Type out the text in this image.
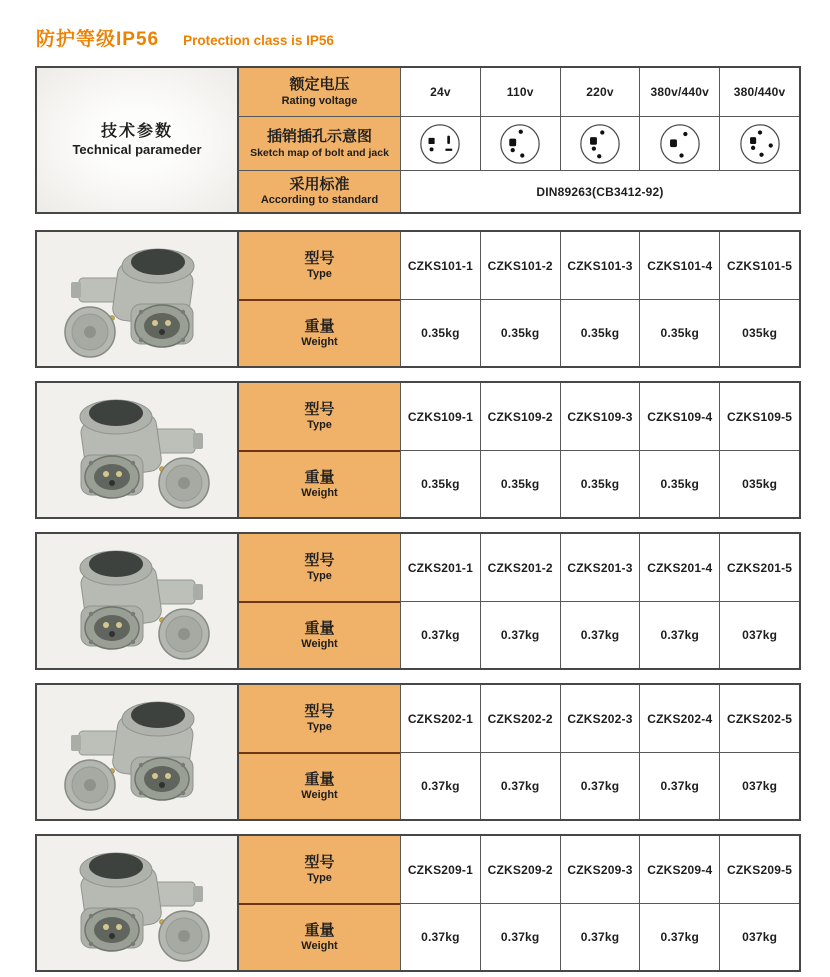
防护等级IP56 Protection class is IP56
技术参数
Technical parameder
额定电压
Rating voltage
24v	110v	220v	380v/440v	380/440v
插销插孔示意图
Sketch map of bolt and jack
采用标准
According to standard
DIN89263(CB3412-92)
型号
Type
CZKS101-1	CZKS101-2	CZKS101-3	CZKS101-4	CZKS101-5
重量
Weight
0.35kg	0.35kg	0.35kg	0.35kg	035kg
型号
Type
CZKS109-1	CZKS109-2	CZKS109-3	CZKS109-4	CZKS109-5
重量
Weight
0.35kg	0.35kg	0.35kg	0.35kg	035kg
型号
Type
CZKS201-1	CZKS201-2	CZKS201-3	CZKS201-4	CZKS201-5
重量
Weight
0.37kg	0.37kg	0.37kg	0.37kg	037kg
型号
Type
CZKS202-1	CZKS202-2	CZKS202-3	CZKS202-4	CZKS202-5
重量
Weight
0.37kg	0.37kg	0.37kg	0.37kg	037kg
型号
Type
CZKS209-1	CZKS209-2	CZKS209-3	CZKS209-4	CZKS209-5
重量
Weight
0.37kg	0.37kg	0.37kg	0.37kg	037kg
